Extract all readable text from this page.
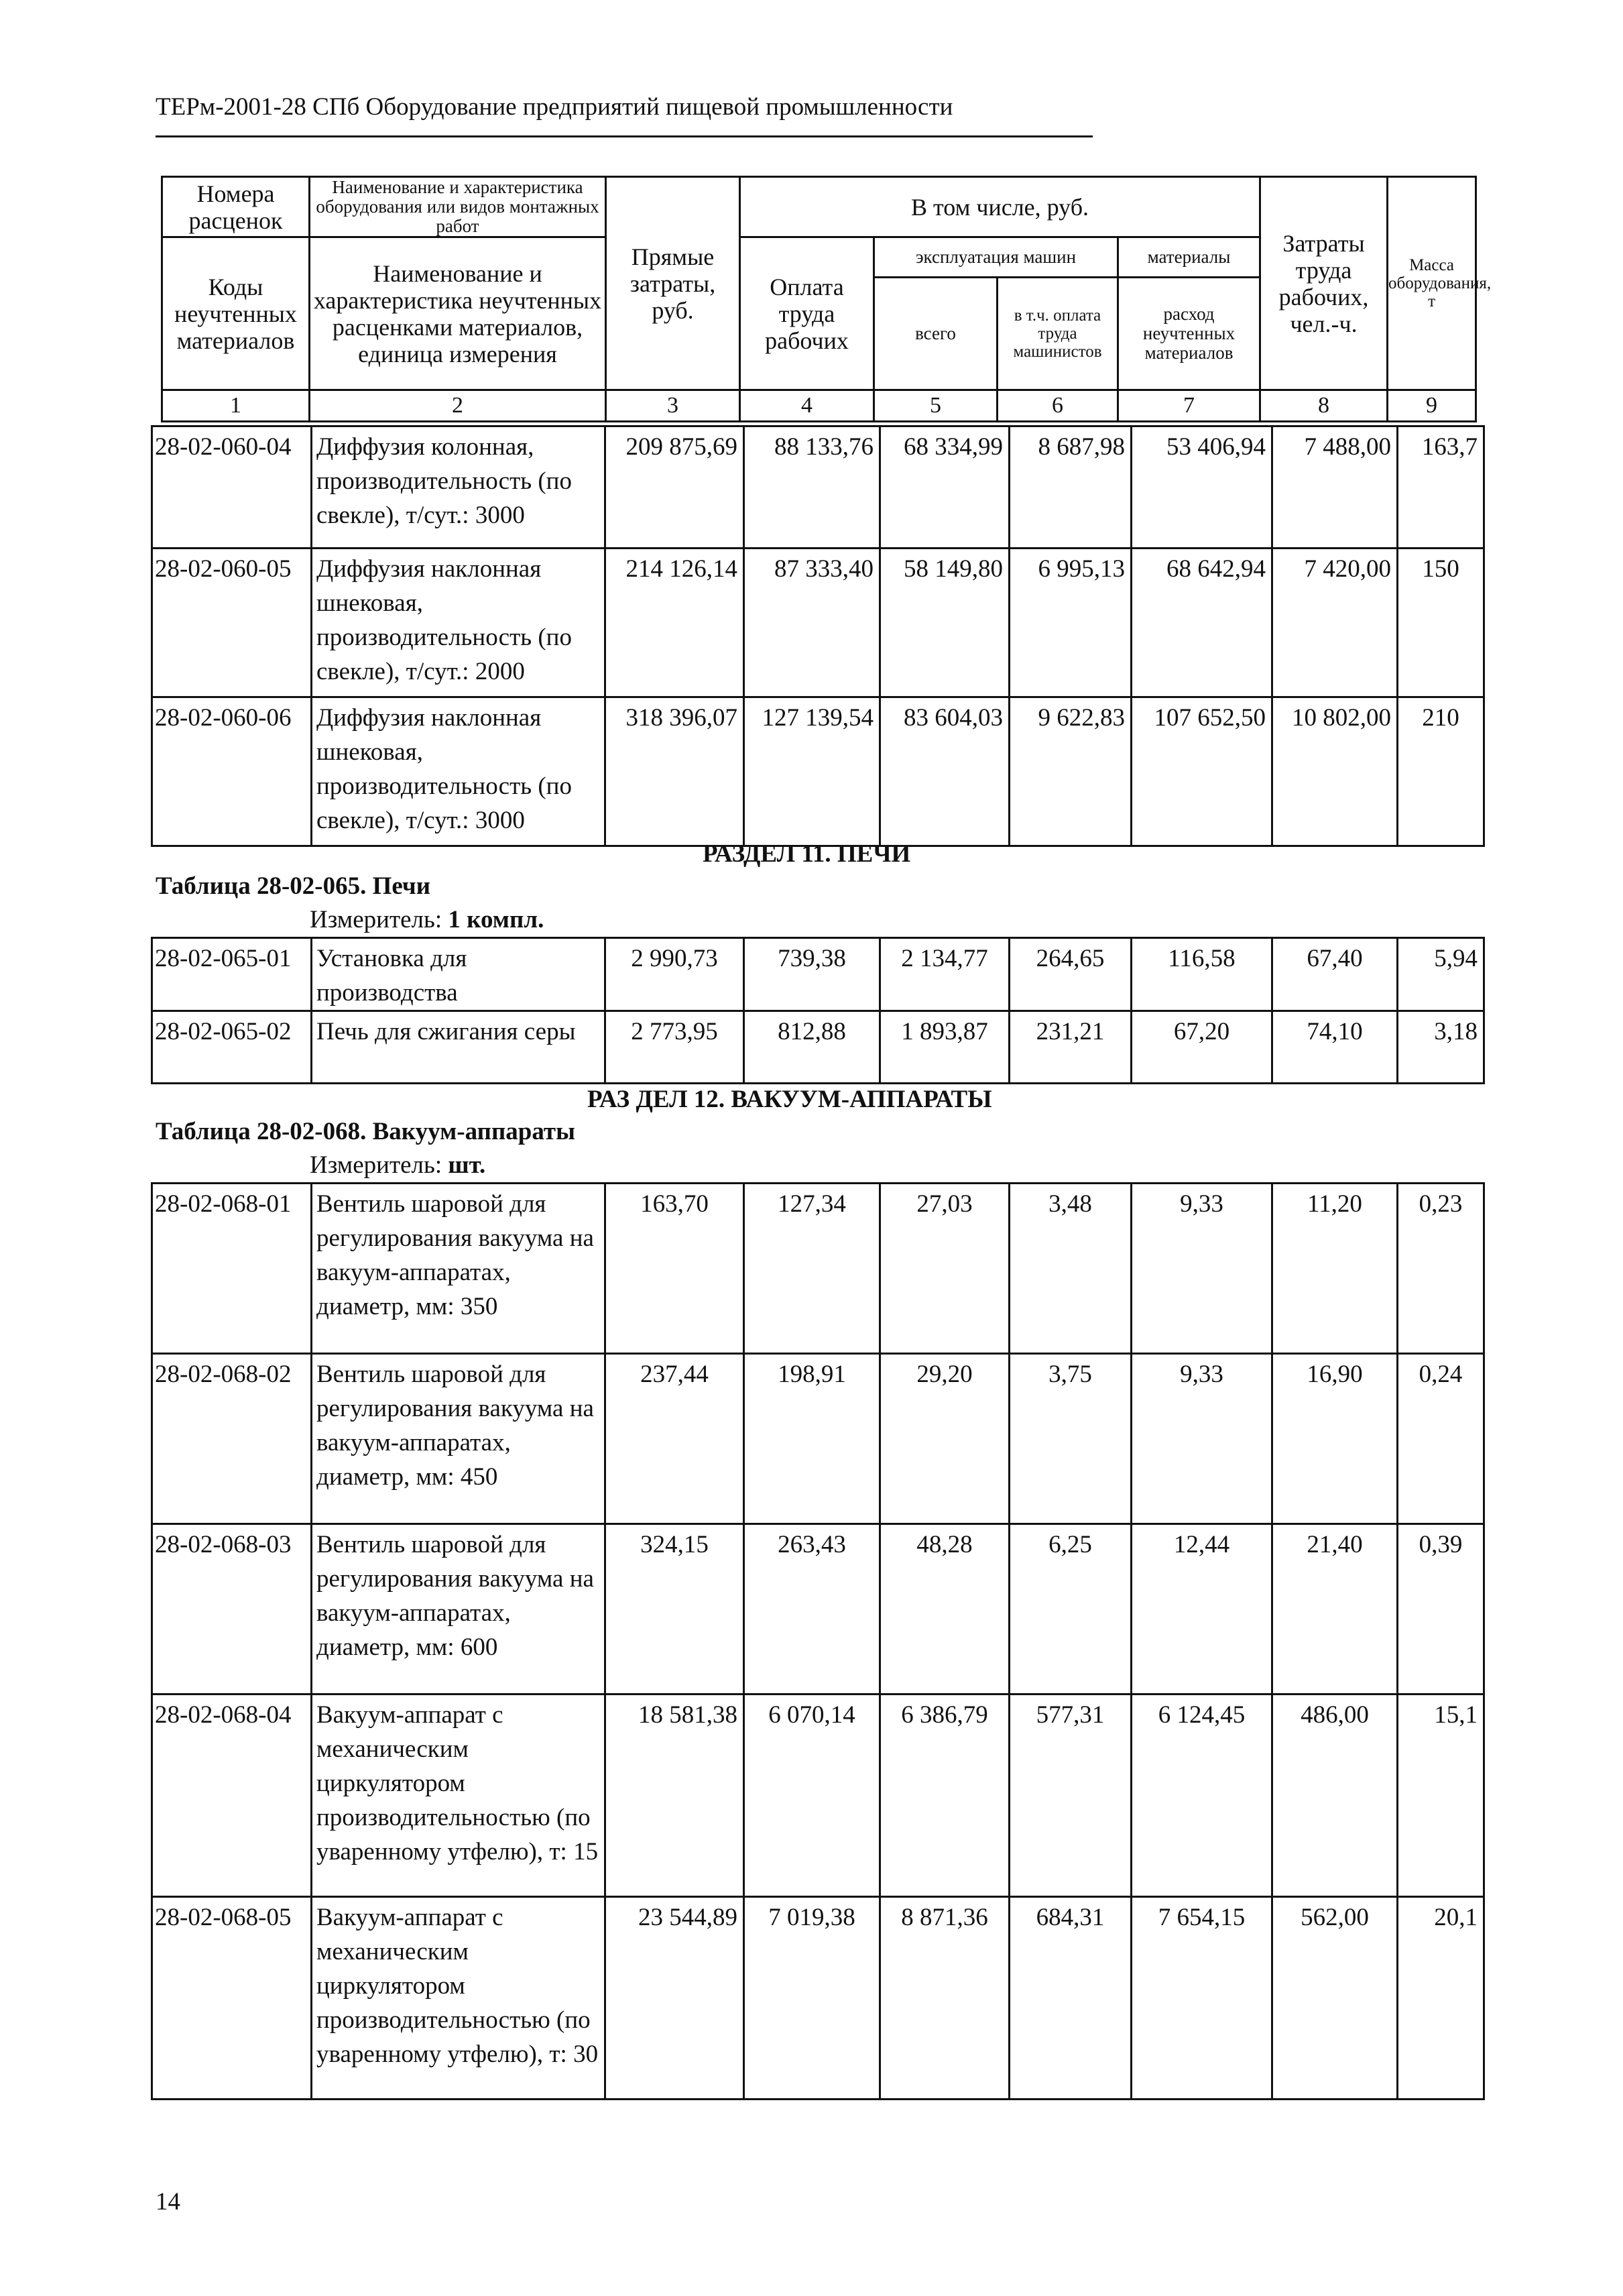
ТЕРм-2001-28 СПб Оборудование предприятий пищевой промышленности
Номера расценок	Наименование и характеристика оборудования или видов монтажных работ	Прямые затраты, руб.	В том числе, руб.				Затраты труда рабочих, чел.-ч.	Масса оборудования, т
Коды неучтенных материалов	Наименование и характеристика неучтенных расценками материалов, единица измерения		Оплата труда рабочих	эксплуатация машин		материалы		
				всего	в т.ч. оплата труда машинистов	расход неучтенных материалов		
1	2	3	4	5	6	7	8	9
28-02-060-04	Диффузия колонная, производительность (по свекле), т/сут.: 3000	209 875,69	88 133,76	68 334,99	8 687,98	53 406,94	7 488,00	163,7
28-02-060-05	Диффузия наклонная шнековая, производительность (по свекле), т/сут.: 2000	214 126,14	87 333,40	58 149,80	6 995,13	68 642,94	7 420,00	150
28-02-060-06	Диффузия наклонная шнековая, производительность (по свекле), т/сут.: 3000	318 396,07	127 139,54	83 604,03	9 622,83	107 652,50	10 802,00	210
РАЗДЕЛ 11. ПЕЧИ
Таблица 28-02-065. Печи
Измеритель: 1 компл.
28-02-065-01	Установка для производства	2 990,73	739,38	2 134,77	264,65	116,58	67,40	5,94
28-02-065-02	Печь для сжигания серы	2 773,95	812,88	1 893,87	231,21	67,20	74,10	3,18
РАЗ ДЕЛ 12. ВАКУУМ-АППАРАТЫ
Таблица 28-02-068. Вакуум-аппараты
Измеритель: шт.
28-02-068-01	Вентиль шаровой для регулирования вакуума на вакуум-аппаратах, диаметр, мм: 350	163,70	127,34	27,03	3,48	9,33	11,20	0,23
28-02-068-02	Вентиль шаровой для регулирования вакуума на вакуум-аппаратах, диаметр, мм: 450	237,44	198,91	29,20	3,75	9,33	16,90	0,24
28-02-068-03	Вентиль шаровой для регулирования вакуума на вакуум-аппаратах, диаметр, мм: 600	324,15	263,43	48,28	6,25	12,44	21,40	0,39
28-02-068-04	Вакуум-аппарат с механическим циркулятором производительностью (по уваренному утфелю), т: 15	18 581,38	6 070,14	6 386,79	577,31	6 124,45	486,00	15,1
28-02-068-05	Вакуум-аппарат с механическим циркулятором производительностью (по уваренному утфелю), т: 30	23 544,89	7 019,38	8 871,36	684,31	7 654,15	562,00	20,1
14
